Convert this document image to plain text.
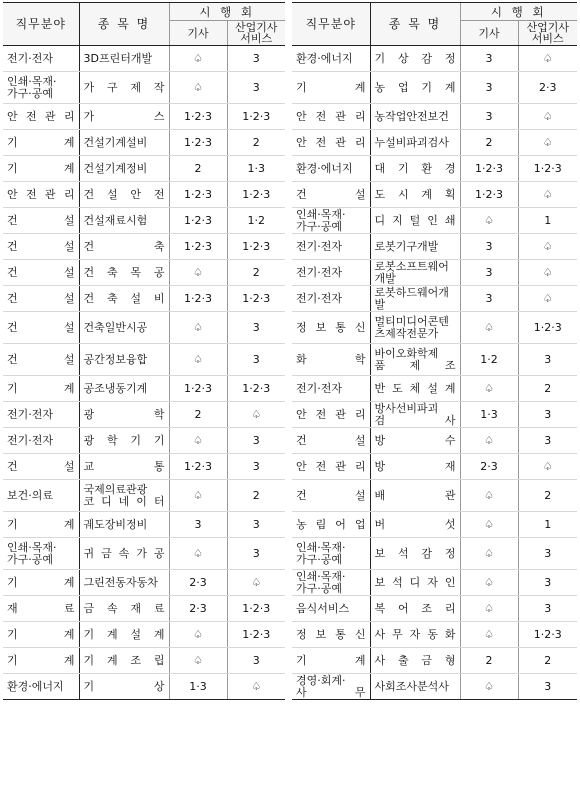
직무분야	종 목 명	시 행 회	
		기사	산업기사
서비스
전기·전자	3D프린터개발	♤	3
인쇄·목재·
가구·공예	가 구 제 작	♤	3
안 전 관 리	가 스	1·2·3	1·2·3
기 계	건설기계설비	1·2·3	2
기 계	건설기계정비	2	1·3
안 전 관 리	건 설 안 전	1·2·3	1·2·3
건 설	건설재료시험	1·2·3	1·2
건 설	건 축	1·2·3	1·2·3
건 설	건 축 목 공	♤	2
건 설	건 축 설 비	1·2·3	1·2·3
건 설	건축일반시공	♤	3
건 설	공간정보융합	♤	3
기 계	공조냉동기계	1·2·3	1·2·3
전기·전자	광 학	2	♤
전기·전자	광 학 기 기	♤	3
건 설	교 통	1·2·3	3
보건·의료	국제의료관광
코 디 네 이 터	♤	2
기 계	궤도장비정비	3	3
인쇄·목재·
가구·공예	귀 금 속 가 공	♤	3
기 계	그린전동자동차	2·3	♤
재 료	금 속 재 료	2·3	1·2·3
기 계	기 계 설 계	♤	1·2·3
기 계	기 계 조 립	♤	3
환경·에너지	기 상	1·3	♤
직무분야	종 목 명	시 행 회	
		기사	산업기사
서비스
환경·에너지	기 상 감 정	3	♤
기 계	농 업 기 계	3	2·3
안 전 관 리	농작업안전보건	3	♤
안 전 관 리	누설비파괴검사	2	♤
환경·에너지	대 기 환 경	1·2·3	1·2·3
건 설	도 시 계 획	1·2·3	♤
인쇄·목재·
가구·공예	디 지 털 인 쇄	♤	1
전기·전자	로봇기구개발	3	♤
전기·전자	로봇소프트웨어개발	3	♤
전기·전자	로봇하드웨어개발	3	♤
정 보 통 신	멀티미디어콘텐
츠제작전문가	♤	1·2·3
화 학	바이오화학제
품 제 조	1·2	3
전기·전자	반 도 체 설 계	♤	2
안 전 관 리	방사선비파괴
검 사	1·3	3
건 설	방 수	♤	3
안 전 관 리	방 재	2·3	♤
건 설	배 관	♤	2
농 림 어 업	버 섯	♤	1
인쇄·목재·
가구·공예	보 석 감 정	♤	3
인쇄·목재·
가구·공예	보 석 디 자 인	♤	3
음식서비스	복 어 조 리	♤	3
정 보 통 신	사 무 자 동 화	♤	1·2·3
기 계	사 출 금 형	2	2
경영·회계·
사 무	사회조사분석사	♤	3
